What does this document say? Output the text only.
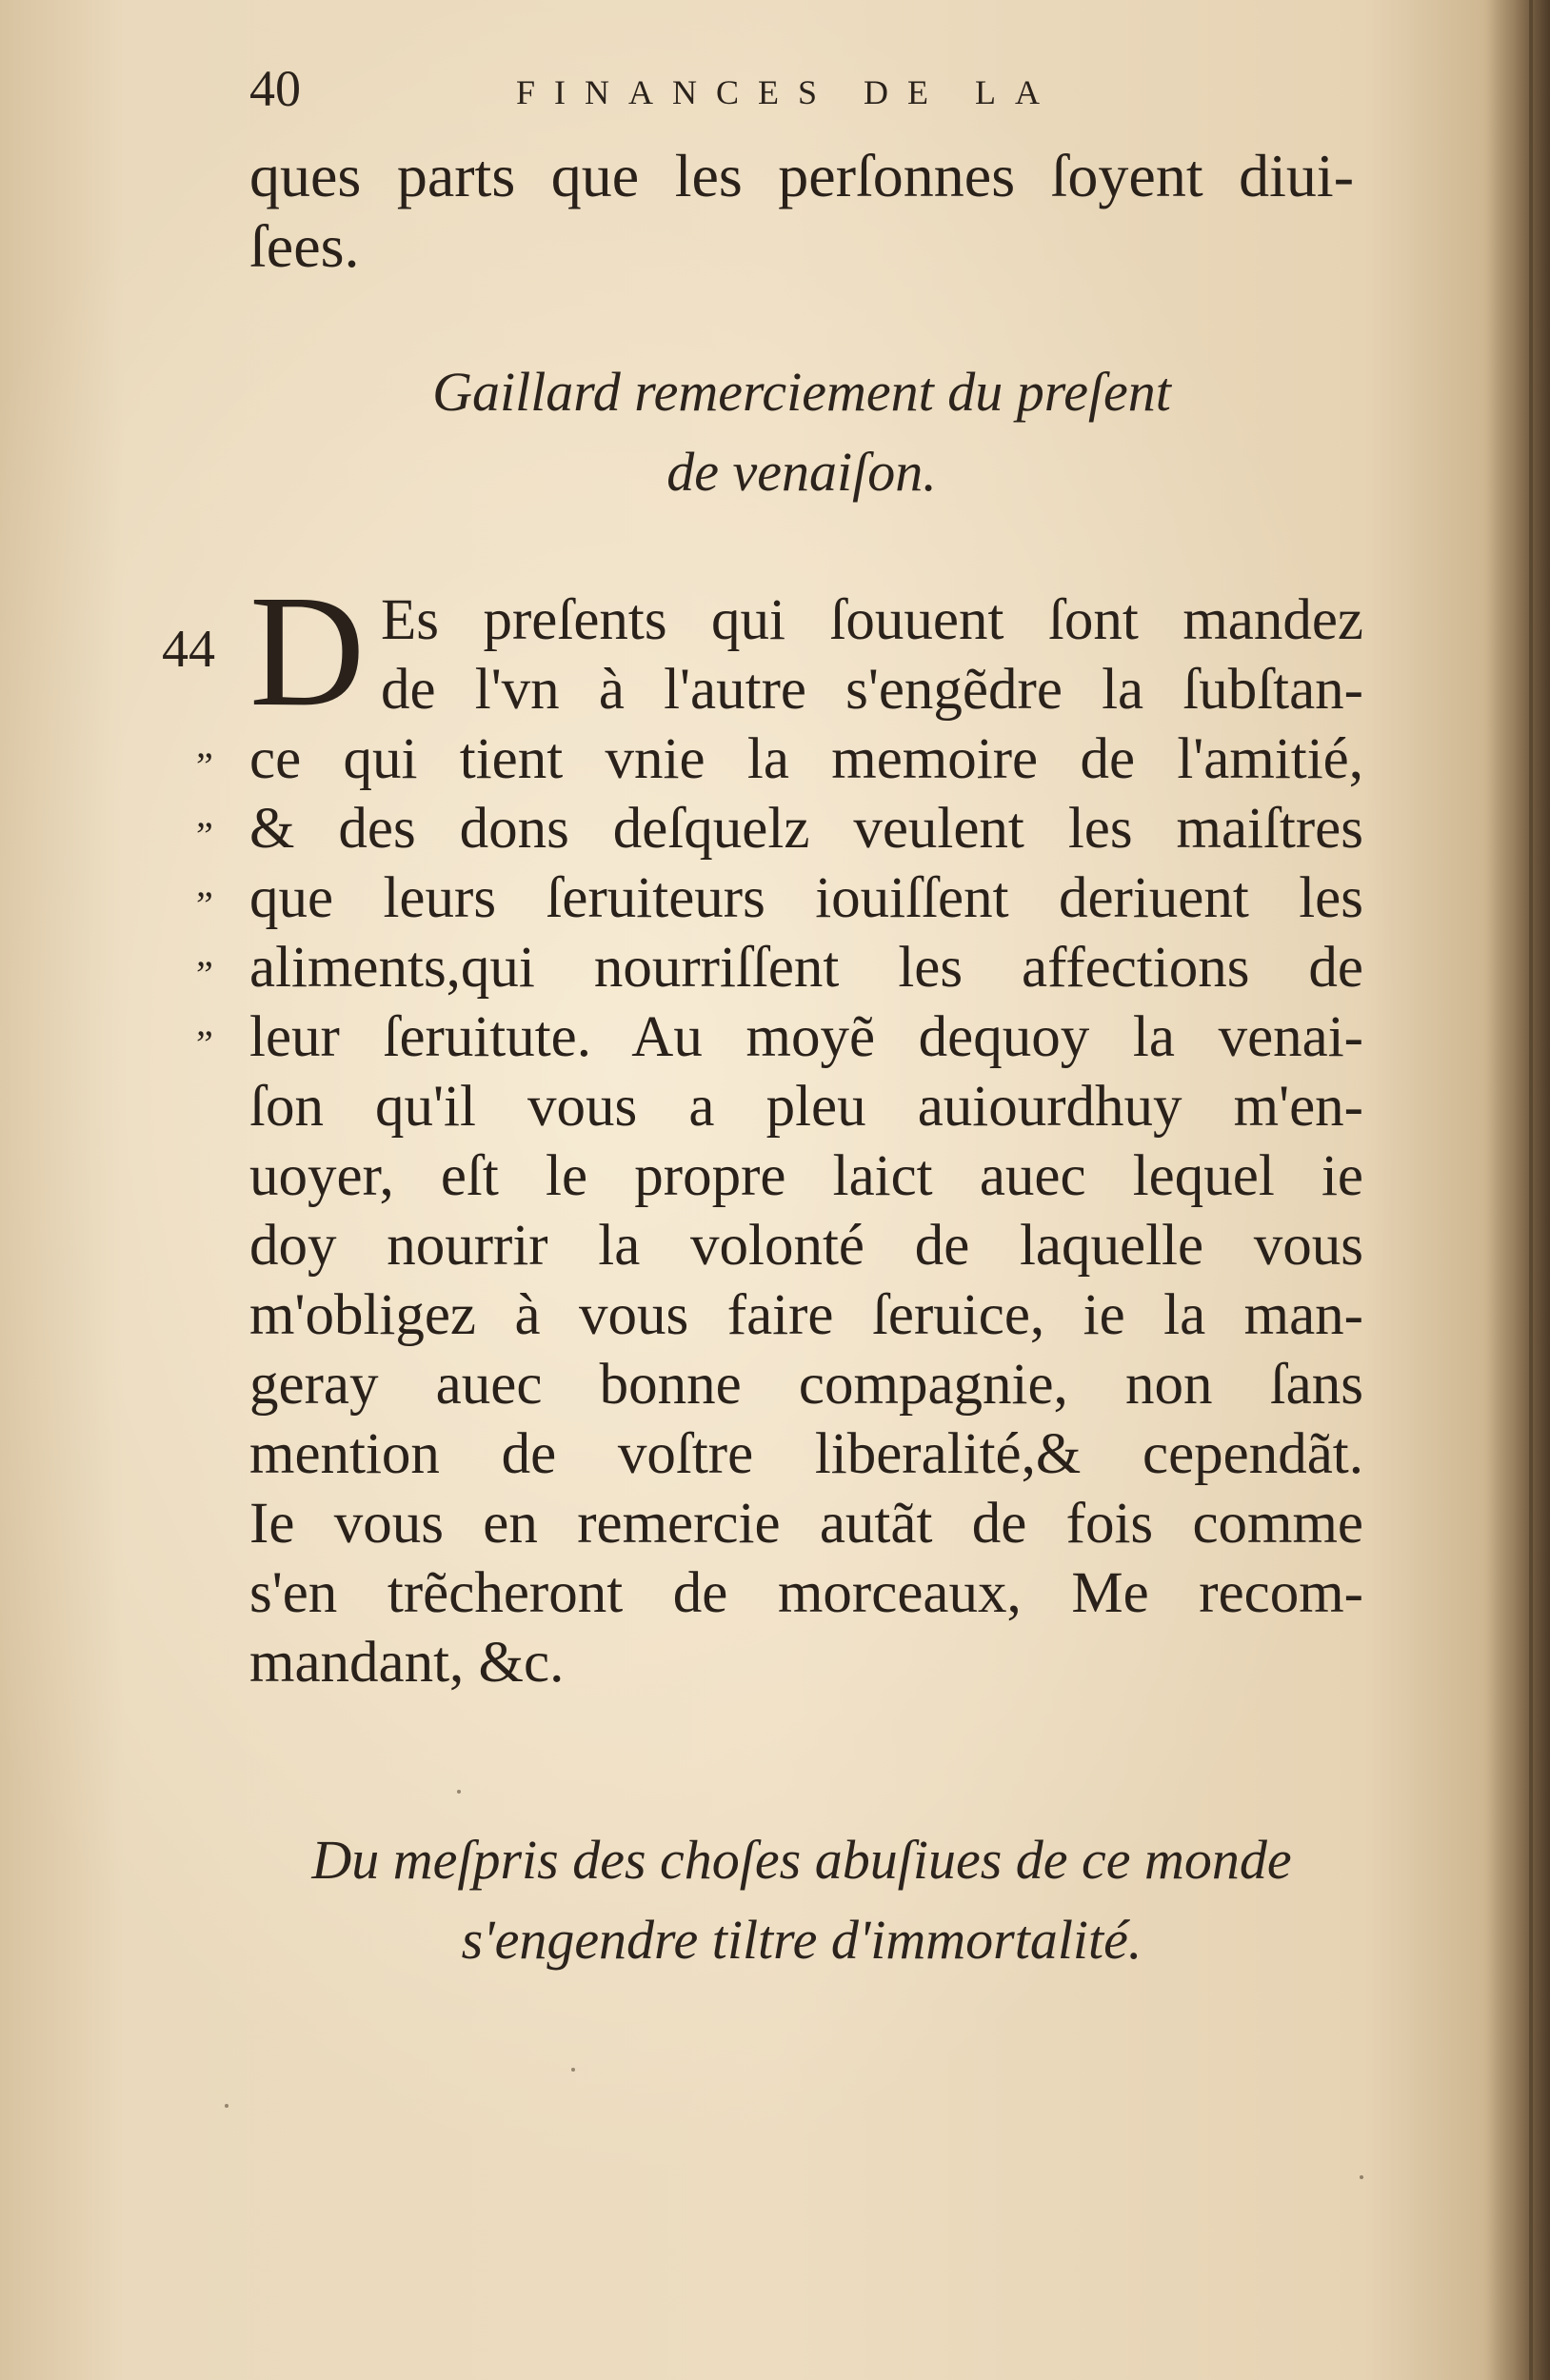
40	FINANCES DE LA
ques parts que les perſonnes ſoyent diui-
ſees.
Gaillard remerciement du preſent
de venaiſon.
44
”
”
”
”
”
D Es preſents qui ſouuent ſont mandez
de l'vn à l'autre s'engẽdre la ſubſtan-
ce qui tient vnie la memoire de l'amitié,
& des dons deſquelz veulent les maiſtres
que leurs ſeruiteurs iouiſſent deriuent les
aliments,qui nourriſſent les affections de
leur ſeruitute. Au moyẽ dequoy la venai-
ſon qu'il vous a pleu auiourdhuy m'en-
uoyer, eſt le propre laict auec lequel ie
doy nourrir la volonté de laquelle vous
m'obligez à vous faire ſeruice, ie la man-
geray auec bonne compagnie, non ſans
mention de voſtre liberalité,& cependãt.
Ie vous en remercie autãt de fois comme
s'en trẽcheront de morceaux, Me recom-
mandant, &c.
Du meſpris des choſes abuſiues de ce monde
s'engendre tiltre d'immortalité.
